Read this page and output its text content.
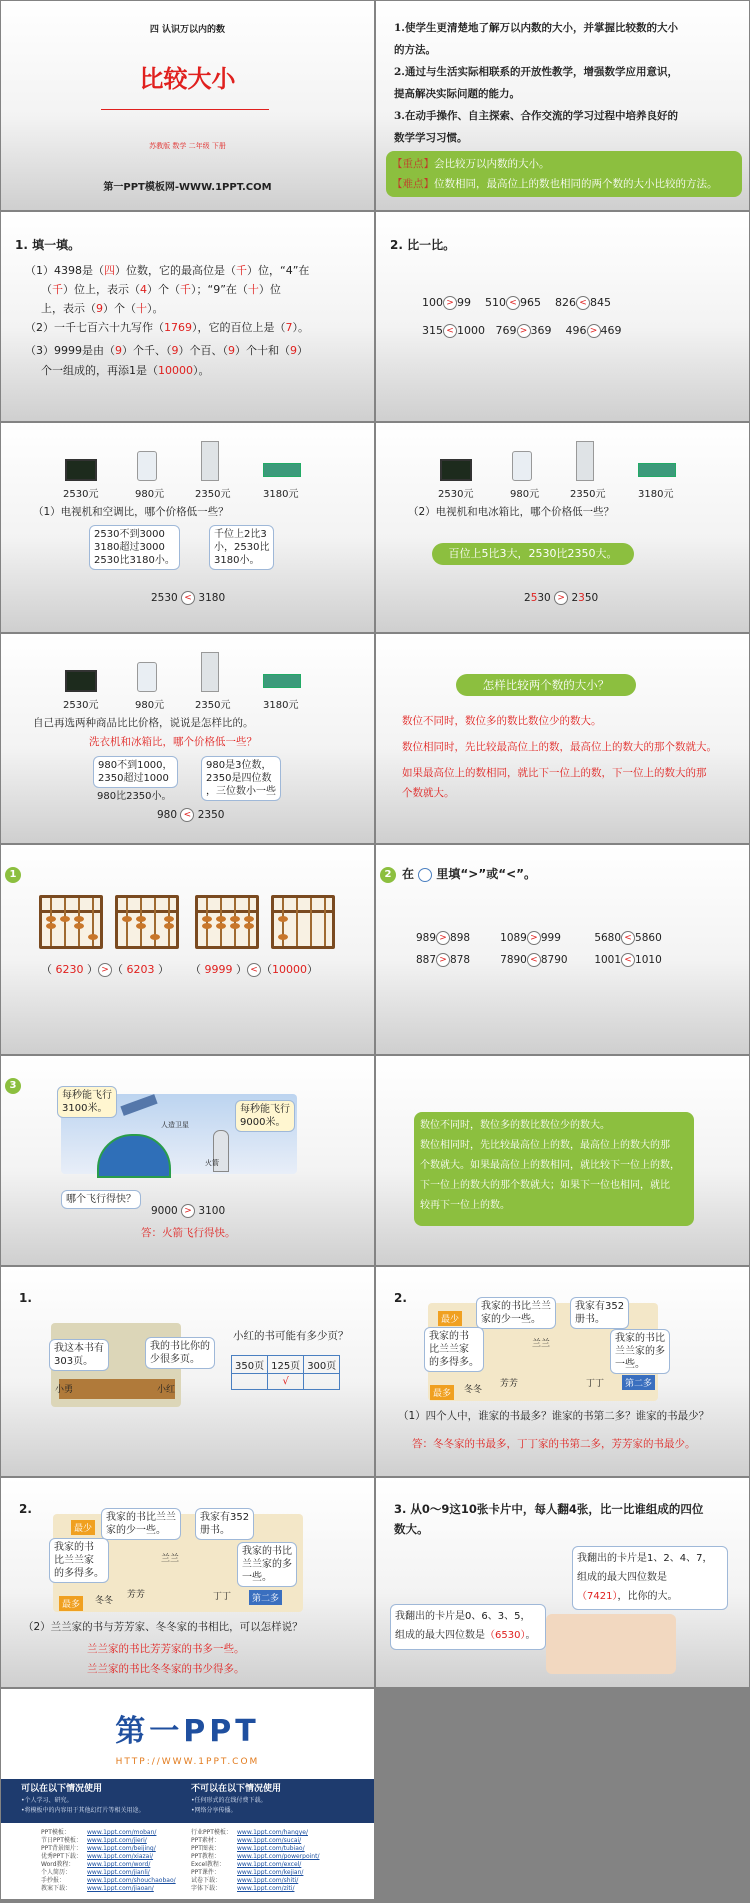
四 认识万以内的数
比较大小
苏教版 数学 二年级 下册
第一PPT模板网-WWW.1PPT.COM
1.使学生更清楚地了解万以内数的大小，并掌握比较数的大小
的方法。
2.通过与生活实际相联系的开放性教学，增强数学应用意识，
提高解决实际问题的能力。
3.在动手操作、自主探索、合作交流的学习过程中培养良好的
数学学习习惯。
【重点】会比较万以内数的大小。
【难点】位数相同，最高位上的数也相同的两个数的大小比较的方法。
1. 填一填。
（1）4398是（四）位数，它的最高位是（千）位，“4”在
（千）位上，表示（4）个（千）；“9”在（十）位
上，表示（9）个（十）。
（2）一千七百六十九写作（1769），它的百位上是（7）。
（3）9999是由（9）个千、（9）个百、（9）个十和（9）
个一组成的，再添1是（10000）。
2. 比一比。
100 > 99 510 < 965 826 < 845
315 < 1000 769 > 369 496 > 469
2530元	980元	2350元	3180元
（1）电视机和空调比，哪个价格低一些？
2530不到3000
3180超过3000
2530比3180小。
千位上2比3
小，2530比
3180小。
2530 < 3180
2530元	980元	2350元	3180元
（2）电视机和电冰箱比，哪个价格低一些？
百位上5比3大，2530比2350大。
2530 > 2350
2530元	980元	2350元	3180元
自己再选两种商品比比价格，说说是怎样比的。
洗衣机和冰箱比，哪个价格低一些？
980不到1000，
2350超过1000
980是3位数，
2350是四位数
，三位数小一些
980比2350小。
980 < 2350
怎样比较两个数的大小？
数位不同时，数位多的数比数位少的数大。
数位相同时，先比较最高位上的数，最高位上的数大的那个数就大。
如果最高位上的数相同，就比下一位上的数，下一位上的数大的那
个数就大。
1
（ 6230 ） > （ 6203 ）      （ 9999 ） < （10000）
2 在 里填“>”或“<”。
989 > 898	1089 > 999	5680 < 5860
887 > 878	7890 < 8790	1001 < 1010
3
人造卫星
火箭
每秒能飞行
3100米。	每秒能飞行
9000米。
哪个飞行得快？
9000 > 3100
答：火箭飞行得快。
数位不同时，数位多的数比数位少的数大。
数位相同时，先比较最高位上的数，最高位上的数大的那
个数就大。如果最高位上的数相同，就比较下一位上的数，
下一位上的数大的那个数就大；如果下一位也相同，就比
较再下一位上的数。
1.
我这本书有
303页。
我的书比你的
少很多页。
小勇	小红
小红的书可能有多少页？
350页	125页	300页
	√	
2.
我家的书比兰兰
家的少一些。
我家有352
册书。
我家的书
比兰兰家
的多得多。
我家的书比
兰兰家的多
一些。
最少
最多
第二多
兰兰
冬冬
芳芳	丁丁
（1）四个人中，谁家的书最多？谁家的书第二多？谁家的书最少？
答：冬冬家的书最多，丁丁家的书第二多，芳芳家的书最少。
2.
我家的书比兰兰
家的少一些。
我家有352
册书。
我家的书
比兰兰家
的多得多。
我家的书比
兰兰家的多
一些。
最少
最多
第二多
兰兰
冬冬
芳芳	丁丁
（2）兰兰家的书与芳芳家、冬冬家的书相比，可以怎样说？
兰兰家的书比芳芳家的书多一些。
兰兰家的书比冬冬家的书少得多。
3. 从0～9这10张卡片中，每人翻4张，比一比谁组成的四位
数大。
我翻出的卡片是1、2、4、7，
组成的最大四位数是
（7421），比你的大。
我翻出的卡片是0、6、3、5，
组成的最大四位数是（6530）。
第一PPT
HTTP://WWW.1PPT.COM
可以在以下情况使用
•个人学习、研究。
•将模板中的内容用于其他幻灯片等相关用途。
不可以在以下情况使用
•任何形式的在线付费下载。
•网络分享传播。
PPT模板：	www.1ppt.com/moban/
节日PPT模板： www.1ppt.com/jieri/
PPT背景图片： www.1ppt.com/beijing/
优秀PPT下载： www.1ppt.com/xiazai/
Word教程： www.1ppt.com/word/
个人简历：	www.1ppt.com/jianli/
手抄报：	www.1ppt.com/shouchaobao/
教案下载：	www.1ppt.com/jiaoan/
行业PPT模板： www.1ppt.com/hangye/
PPT素材：	www.1ppt.com/sucai/
PPT图表：	www.1ppt.com/tubiao/
PPT教程：	www.1ppt.com/powerpoint/
Excel教程： www.1ppt.com/excel/
PPT课件：	www.1ppt.com/kejian/
试卷下载：	www.1ppt.com/shiti/
字体下载：	www.1ppt.com/ziti/
